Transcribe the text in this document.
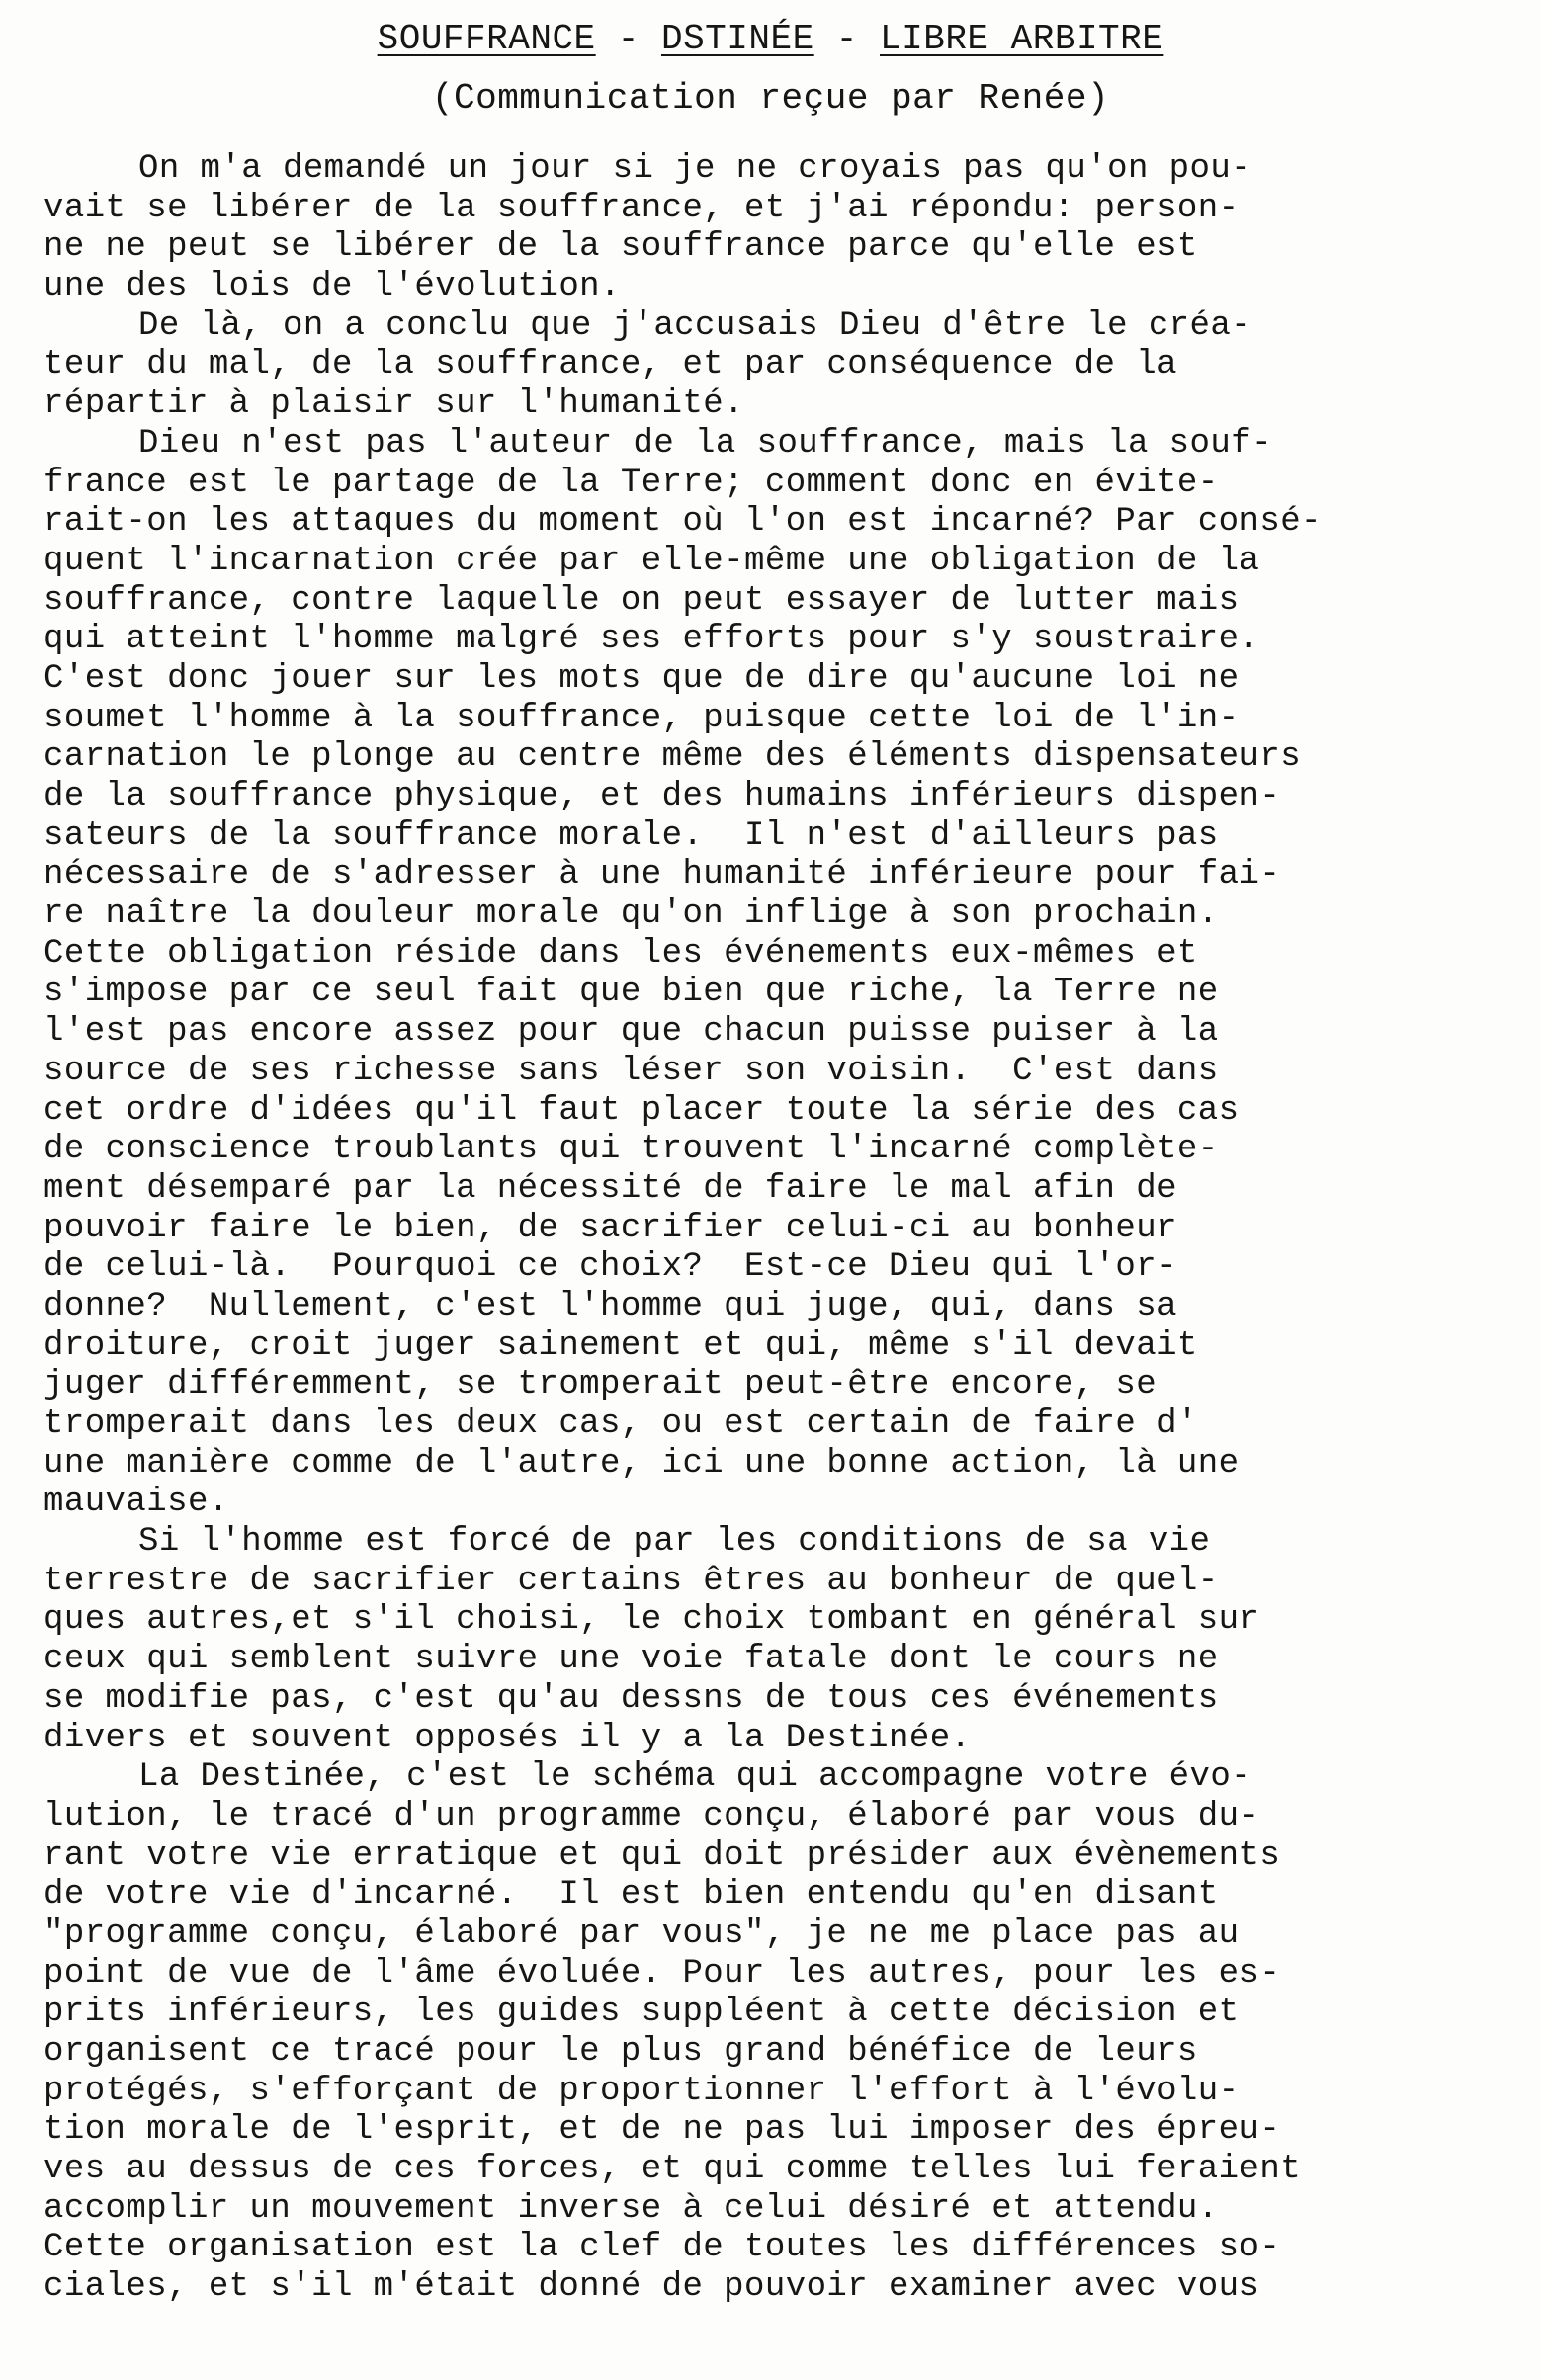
SOUFFRANCE - DSTINÉE - LIBRE ARBITRE
(Communication reçue par Renée)
On m'a demandé un jour si je ne croyais pas qu'on pou-
vait se libérer de la souffrance, et j'ai répondu: person-
ne ne peut se libérer de la souffrance parce qu'elle est
une des lois de l'évolution.
De là, on a conclu que j'accusais Dieu d'être le créa-
teur du mal, de la souffrance, et par conséquence de la
répartir à plaisir sur l'humanité.
Dieu n'est pas l'auteur de la souffrance, mais la souf-
france est le partage de la Terre; comment donc en évite-
rait-on les attaques du moment où l'on est incarné? Par consé-
quent l'incarnation crée par elle-même une obligation de la
souffrance, contre laquelle on peut essayer de lutter mais
qui atteint l'homme malgré ses efforts pour s'y soustraire.
C'est donc jouer sur les mots que de dire qu'aucune loi ne
soumet l'homme à la souffrance, puisque cette loi de l'in-
carnation le plonge au centre même des éléments dispensateurs
de la souffrance physique, et des humains inférieurs dispen-
sateurs de la souffrance morale.  Il n'est d'ailleurs pas
nécessaire de s'adresser à une humanité inférieure pour fai-
re naître la douleur morale qu'on inflige à son prochain.
Cette obligation réside dans les événements eux-mêmes et
s'impose par ce seul fait que bien que riche, la Terre ne
l'est pas encore assez pour que chacun puisse puiser à la
source de ses richesse sans léser son voisin.  C'est dans
cet ordre d'idées qu'il faut placer toute la série des cas
de conscience troublants qui trouvent l'incarné complète-
ment désemparé par la nécessité de faire le mal afin de
pouvoir faire le bien, de sacrifier celui-ci au bonheur
de celui-là.  Pourquoi ce choix?  Est-ce Dieu qui l'or-
donne?  Nullement, c'est l'homme qui juge, qui, dans sa
droiture, croit juger sainement et qui, même s'il devait
juger différemment, se tromperait peut-être encore, se
tromperait dans les deux cas, ou est certain de faire d'
une manière comme de l'autre, ici une bonne action, là une
mauvaise.
Si l'homme est forcé de par les conditions de sa vie
terrestre de sacrifier certains êtres au bonheur de quel-
ques autres,et s'il choisi, le choix tombant en général sur
ceux qui semblent suivre une voie fatale dont le cours ne
se modifie pas, c'est qu'au dessns de tous ces événements
divers et souvent opposés il y a la Destinée.
La Destinée, c'est le schéma qui accompagne votre évo-
lution, le tracé d'un programme conçu, élaboré par vous du-
rant votre vie erratique et qui doit présider aux évènements
de votre vie d'incarné.  Il est bien entendu qu'en disant
"programme conçu, élaboré par vous", je ne me place pas au
point de vue de l'âme évoluée. Pour les autres, pour les es-
prits inférieurs, les guides suppléent à cette décision et
organisent ce tracé pour le plus grand bénéfice de leurs
protégés, s'efforçant de proportionner l'effort à l'évolu-
tion morale de l'esprit, et de ne pas lui imposer des épreu-
ves au dessus de ces forces, et qui comme telles lui feraient
accomplir un mouvement inverse à celui désiré et attendu.
Cette organisation est la clef de toutes les différences so-
ciales, et s'il m'était donné de pouvoir examiner avec vous
